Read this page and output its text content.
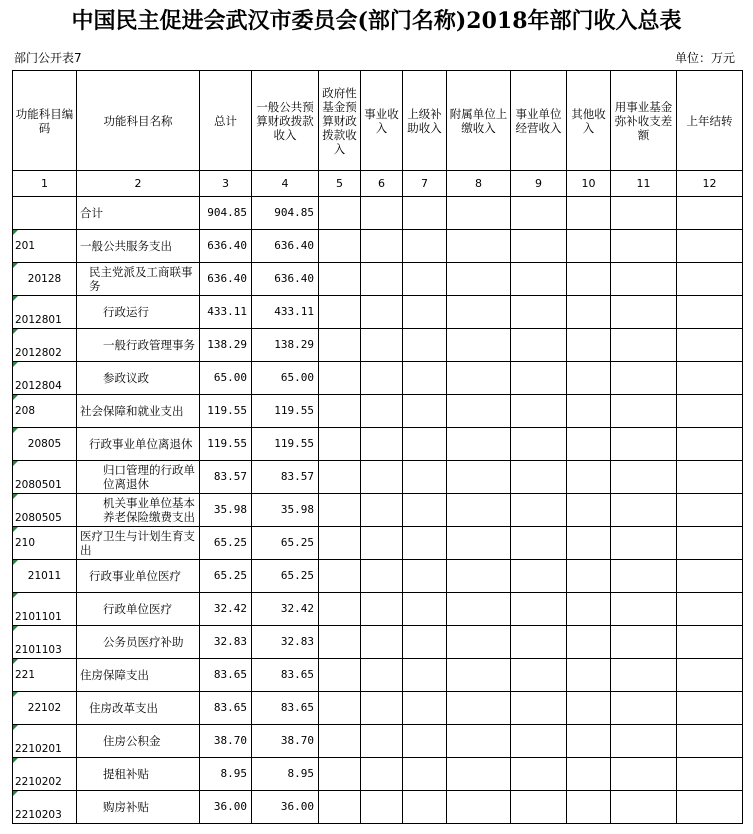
中国民主促进会武汉市委员会(部门名称)2018年部门收入总表
部门公开表7	单位：万元
功能科目编码	功能科目名称	总计	一般公共预算财政拨款收入	政府性基金预算财政拨款收入	事业收入	上级补助收入	附属单位上缴收入	事业单位经营收入	其他收入	用事业基金弥补收支差额	上年结转
1	2	3	4	5	6	7	8	9	10	11	12
	合计	904.85	904.85								
201	一般公共服务支出	636.40	636.40								
20128	民主党派及工商联事务	636.40	636.40								
2012801	行政运行	433.11	433.11								
2012802	一般行政管理事务	138.29	138.29								
2012804	参政议政	65.00	65.00								
208	社会保障和就业支出	119.55	119.55								
20805	行政事业单位离退休	119.55	119.55								
2080501	归口管理的行政单位离退休	83.57	83.57								
2080505	机关事业单位基本养老保险缴费支出	35.98	35.98								
210	医疗卫生与计划生育支出	65.25	65.25								
21011	行政事业单位医疗	65.25	65.25								
2101101	行政单位医疗	32.42	32.42								
2101103	公务员医疗补助	32.83	32.83								
221	住房保障支出	83.65	83.65								
22102	住房改革支出	83.65	83.65								
2210201	住房公积金	38.70	38.70								
2210202	提租补贴	8.95	8.95								
2210203	购房补贴	36.00	36.00								
